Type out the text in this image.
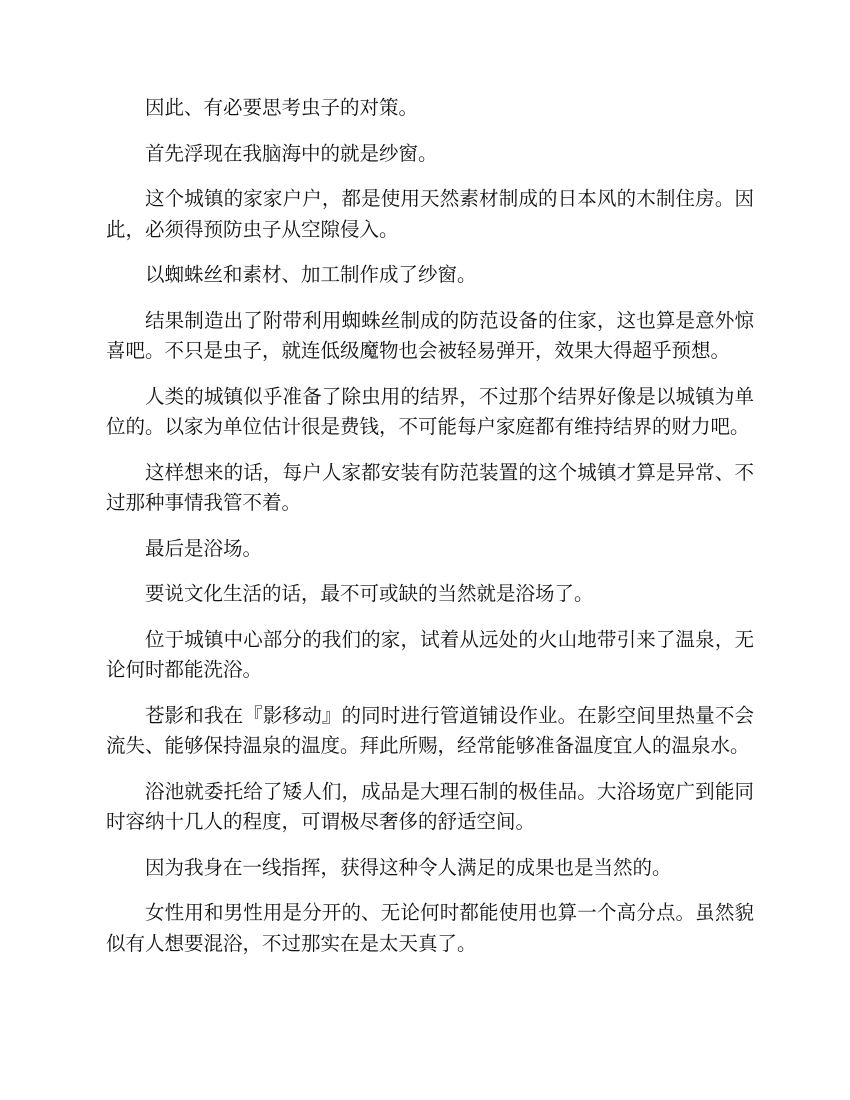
因此、有必要思考虫子的对策。

首先浮现在我脑海中的就是纱窗。

这个城镇的家家户户，都是使用天然素材制成的日本风的木制住房。因此，必须得预防虫子从空隙侵入。

以蜘蛛丝和素材、加工制作成了纱窗。

结果制造出了附带利用蜘蛛丝制成的防范设备的住家，这也算是意外惊喜吧。不只是虫子，就连低级魔物也会被轻易弹开，效果大得超乎预想。

人类的城镇似乎准备了除虫用的结界，不过那个结界好像是以城镇为单位的。以家为单位估计很是费钱，不可能每户家庭都有维持结界的财力吧。

这样想来的话，每户人家都安装有防范装置的这个城镇才算是异常、不过那种事情我管不着。

最后是浴场。

要说文化生活的话，最不可或缺的当然就是浴场了。

位于城镇中心部分的我们的家，试着从远处的火山地带引来了温泉，无论何时都能洗浴。

苍影和我在『影移动』的同时进行管道铺设作业。在影空间里热量不会流失、能够保持温泉的温度。拜此所赐，经常能够准备温度宜人的温泉水。

浴池就委托给了矮人们，成品是大理石制的极佳品。大浴场宽广到能同时容纳十几人的程度，可谓极尽奢侈的舒适空间。

因为我身在一线指挥，获得这种令人满足的成果也是当然的。

女性用和男性用是分开的、无论何时都能使用也算一个高分点。虽然貌似有人想要混浴，不过那实在是太天真了。
